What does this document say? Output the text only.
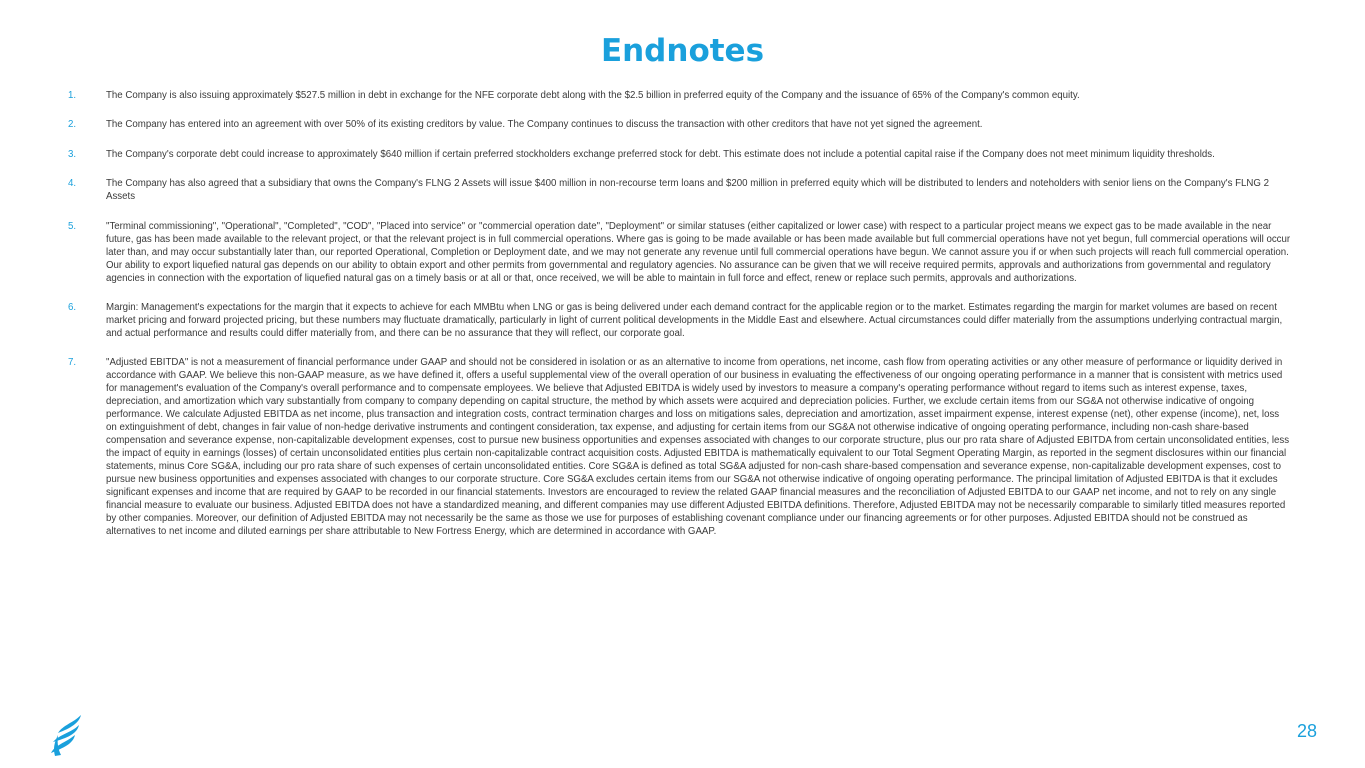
Endnotes
1.	The Company is also issuing approximately $527.5 million in debt in exchange for the NFE corporate debt along with the $2.5 billion in preferred equity of the Company and the issuance of 65% of the Company's common equity.
2.	The Company has entered into an agreement with over 50% of its existing creditors by value. The Company continues to discuss the transaction with other creditors that have not yet signed the agreement.
3.	The Company's corporate debt could increase to approximately $640 million if certain preferred stockholders exchange preferred stock for debt. This estimate does not include a potential capital raise if the Company does not meet minimum liquidity thresholds.
4.	The Company has also agreed that a subsidiary that owns the Company's FLNG 2 Assets will issue $400 million in non-recourse term loans and $200 million in preferred equity which will be distributed to lenders and noteholders with senior liens on the Company's FLNG 2 Assets
5.	"Terminal commissioning", "Operational", "Completed", "COD", "Placed into service" or "commercial operation date", "Deployment" or similar statuses (either capitalized or lower case) with respect to a particular project means we expect gas to be made available in the near future, gas has been made available to the relevant project, or that the relevant project is in full commercial operations. Where gas is going to be made available or has been made available but full commercial operations have not yet begun, full commercial operations will occur later than, and may occur substantially later than, our reported Operational, Completion or Deployment date, and we may not generate any revenue until full commercial operations have begun. We cannot assure you if or when such projects will reach full commercial operation. Our ability to export liquefied natural gas depends on our ability to obtain export and other permits from governmental and regulatory agencies. No assurance can be given that we will receive required permits, approvals and authorizations from governmental and regulatory agencies in connection with the exportation of liquefied natural gas on a timely basis or at all or that, once received, we will be able to maintain in full force and effect, renew or replace such permits, approvals and authorizations.
6.	Margin: Management's expectations for the margin that it expects to achieve for each MMBtu when LNG or gas is being delivered under each demand contract for the applicable region or to the market. Estimates regarding the margin for market volumes are based on recent market pricing and forward projected pricing, but these numbers may fluctuate dramatically, particularly in light of current political developments in the Middle East and elsewhere. Actual circumstances could differ materially from the assumptions underlying contractual margin, and actual performance and results could differ materially from, and there can be no assurance that they will reflect, our corporate goal.
7.	"Adjusted EBITDA" is not a measurement of financial performance under GAAP and should not be considered in isolation or as an alternative to income from operations, net income, cash flow from operating activities or any other measure of performance or liquidity derived in accordance with GAAP. We believe this non-GAAP measure, as we have defined it, offers a useful supplemental view of the overall operation of our business in evaluating the effectiveness of our ongoing operating performance in a manner that is consistent with metrics used for management's evaluation of the Company's overall performance and to compensate employees. We believe that Adjusted EBITDA is widely used by investors to measure a company's operating performance without regard to items such as interest expense, taxes, depreciation, and amortization which vary substantially from company to company depending on capital structure, the method by which assets were acquired and depreciation policies. Further, we exclude certain items from our SG&A not otherwise indicative of ongoing performance. We calculate Adjusted EBITDA as net income, plus transaction and integration costs, contract termination charges and loss on mitigations sales, depreciation and amortization, asset impairment expense, interest expense (net), other expense (income), net, loss on extinguishment of debt, changes in fair value of non-hedge derivative instruments and contingent consideration, tax expense, and adjusting for certain items from our SG&A not otherwise indicative of ongoing operating performance, including non-cash share-based compensation and severance expense, non-capitalizable development expenses, cost to pursue new business opportunities and expenses associated with changes to our corporate structure, plus our pro rata share of Adjusted EBITDA from certain unconsolidated entities, less the impact of equity in earnings (losses) of certain unconsolidated entities plus certain non-capitalizable contract acquisition costs. Adjusted EBITDA is mathematically equivalent to our Total Segment Operating Margin, as reported in the segment disclosures within our financial statements, minus Core SG&A, including our pro rata share of such expenses of certain unconsolidated entities. Core SG&A is defined as total SG&A adjusted for non-cash share-based compensation and severance expense, non-capitalizable development expenses, cost to pursue new business opportunities and expenses associated with changes to our corporate structure. Core SG&A excludes certain items from our SG&A not otherwise indicative of ongoing operating performance. The principal limitation of Adjusted EBITDA is that it excludes significant expenses and income that are required by GAAP to be recorded in our financial statements. Investors are encouraged to review the related GAAP financial measures and the reconciliation of Adjusted EBITDA to our GAAP net income, and not to rely on any single financial measure to evaluate our business. Adjusted EBITDA does not have a standardized meaning, and different companies may use different Adjusted EBITDA definitions. Therefore, Adjusted EBITDA may not be necessarily comparable to similarly titled measures reported by other companies. Moreover, our definition of Adjusted EBITDA may not necessarily be the same as those we use for purposes of establishing covenant compliance under our financing agreements or for other purposes. Adjusted EBITDA should not be construed as alternatives to net income and diluted earnings per share attributable to New Fortress Energy, which are determined in accordance with GAAP.
28
